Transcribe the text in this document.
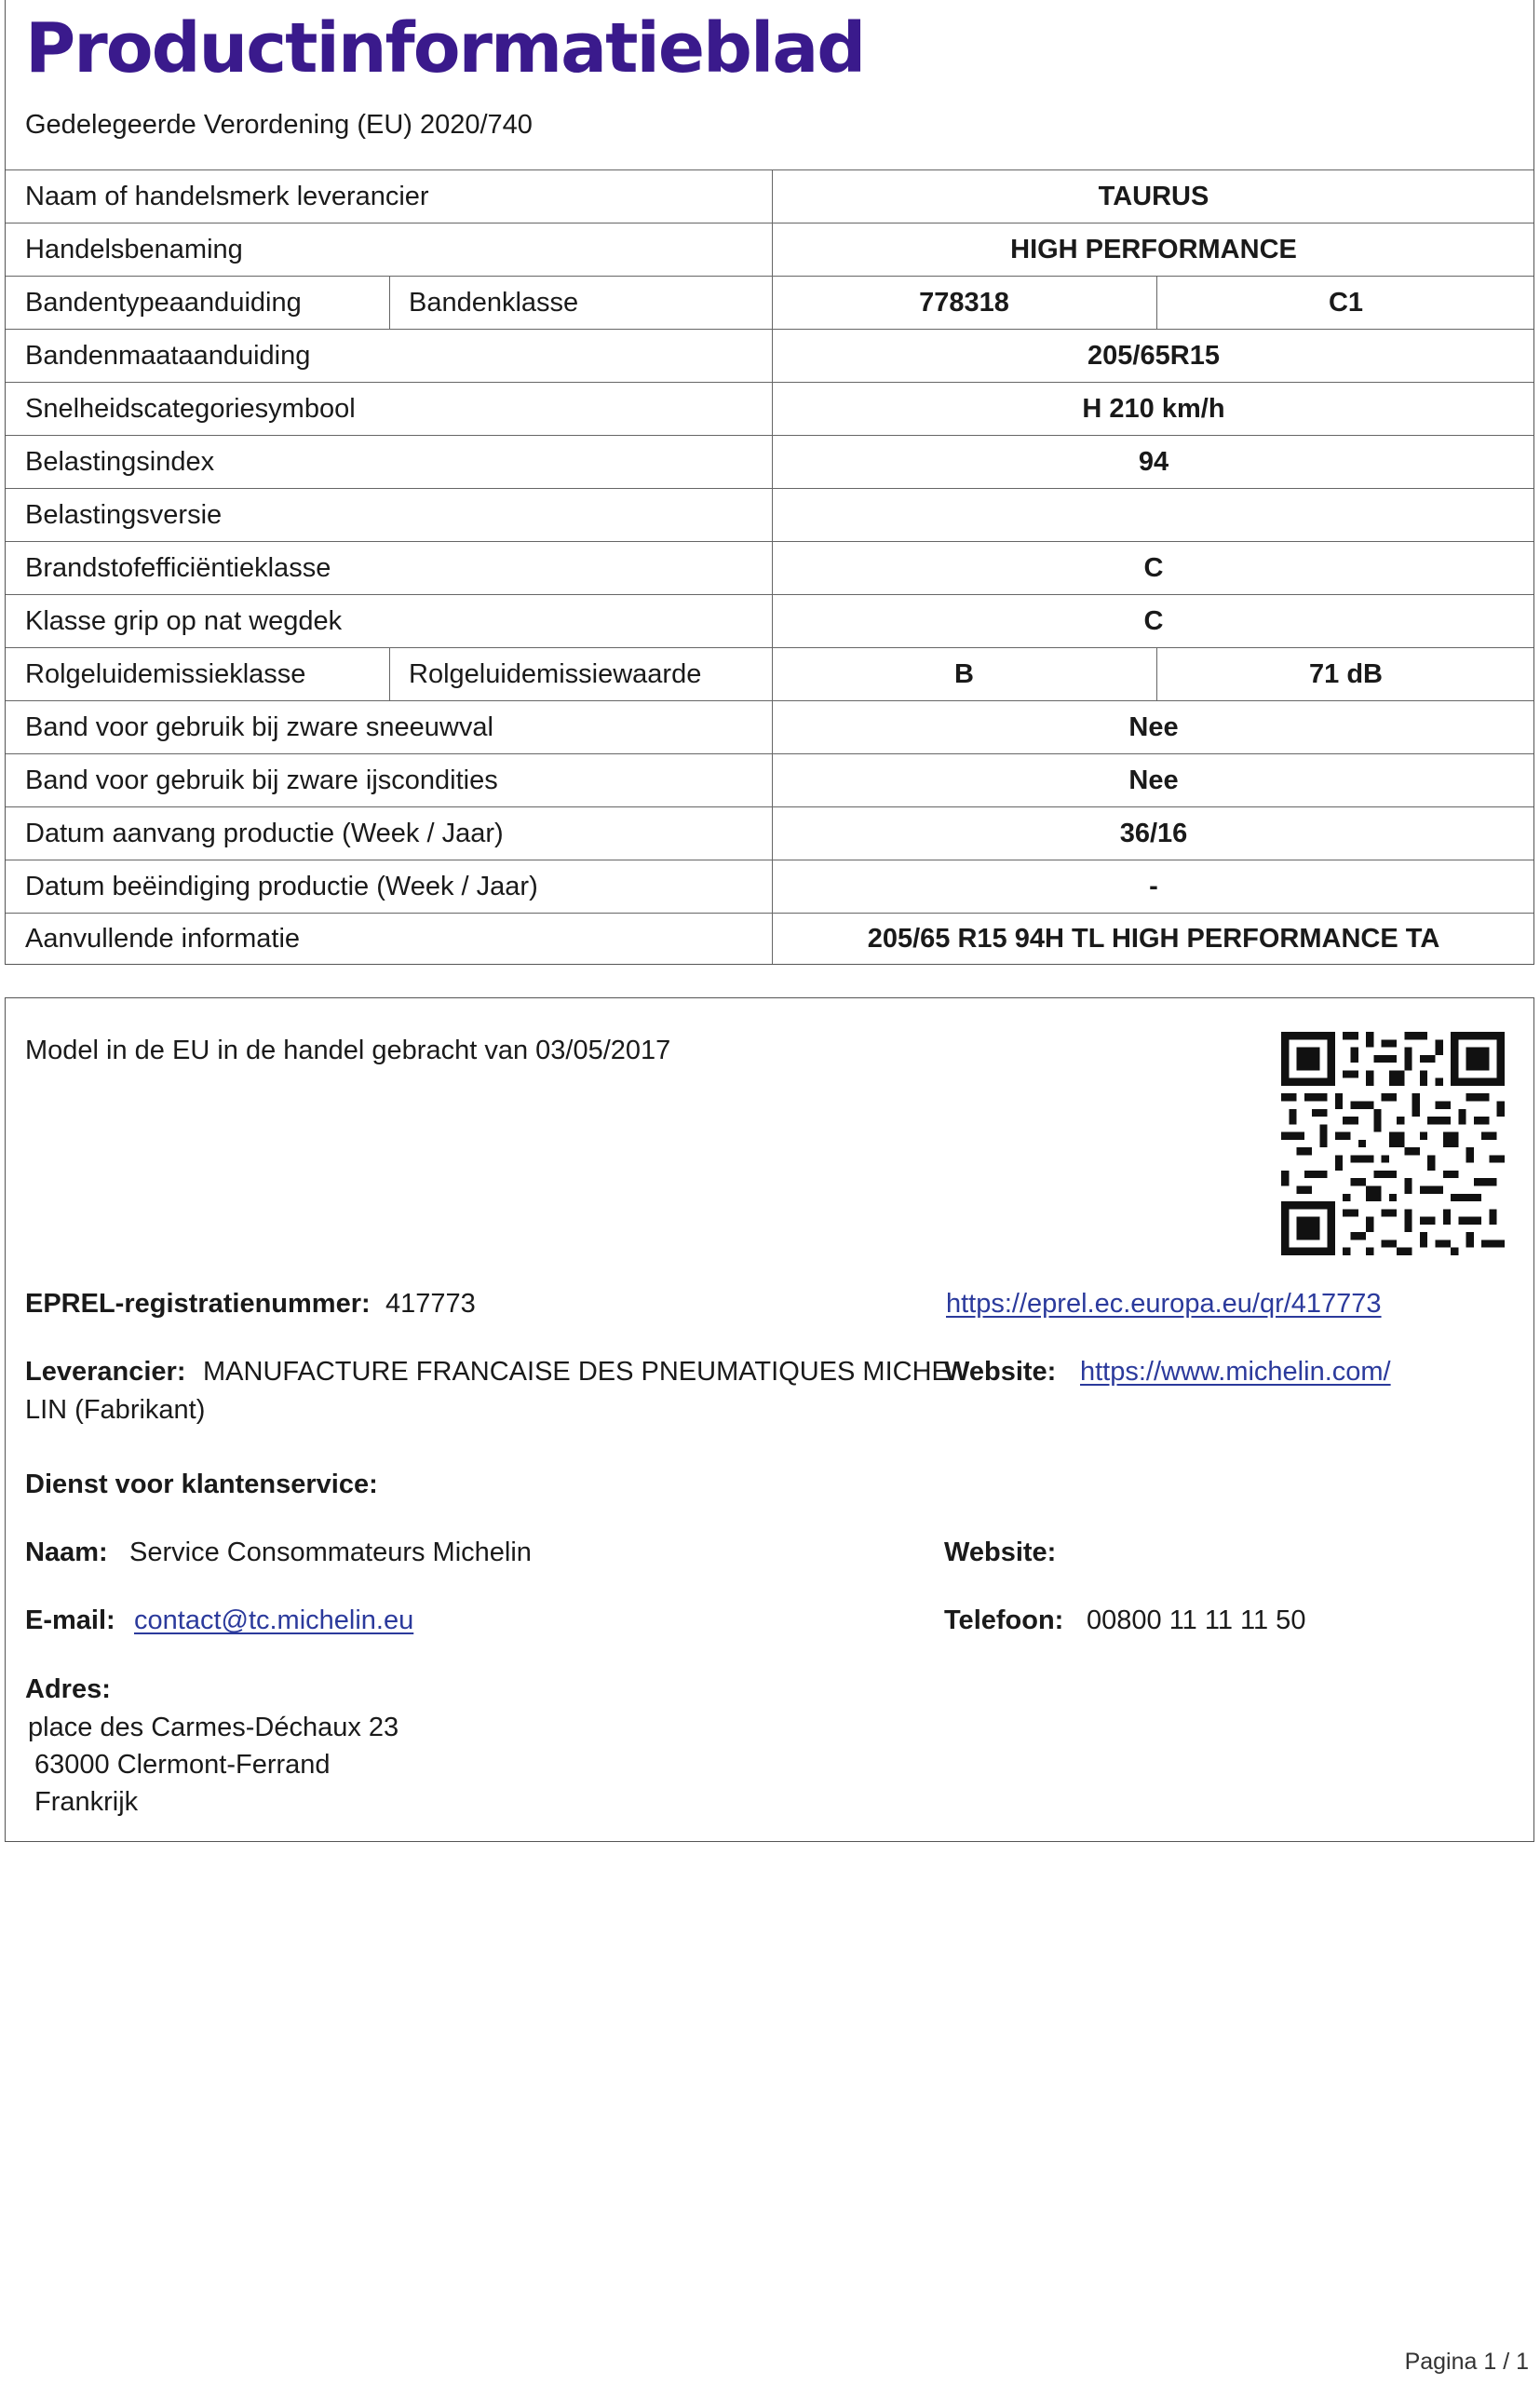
Productinformatieblad
Gedelegeerde Verordening (EU) 2020/740
Naam of handelsmerk leverancier	TAURUS
Handelsbenaming	HIGH PERFORMANCE
Bandentypeaanduiding	Bandenklasse	778318	C1
Bandenmaataanduiding	205/65R15
Snelheidscategoriesymbool	H 210 km/h
Belastingsindex	94
Belastingsversie
Brandstofefficiëntieklasse	C
Klasse grip op nat wegdek	C
Rolgeluidemissieklasse	Rolgeluidemissiewaarde	B	71 dB
Band voor gebruik bij zware sneeuwval	Nee
Band voor gebruik bij zware ijscondities	Nee
Datum aanvang productie (Week / Jaar)	36/16
Datum beëindiging productie (Week / Jaar)	-
Aanvullende informatie	205/65 R15 94H TL HIGH PERFORMANCE TA
Model in de EU in de handel gebracht van 03/05/2017
EPREL-registratienummer: 417773	https://eprel.ec.europa.eu/qr/417773
Leverancier: MANUFACTURE FRANCAISE DES PNEUMATIQUES MICHE
LIN (Fabrikant)
Website: https://www.michelin.com/
Dienst voor klantenservice:
Naam: Service Consommateurs Michelin	Website:
E-mail: contact@tc.michelin.eu	Telefoon: 00800 11 11 11 50
Adres:
place des Carmes-Déchaux 23
63000 Clermont-Ferrand
Frankrijk
Pagina 1 / 1
